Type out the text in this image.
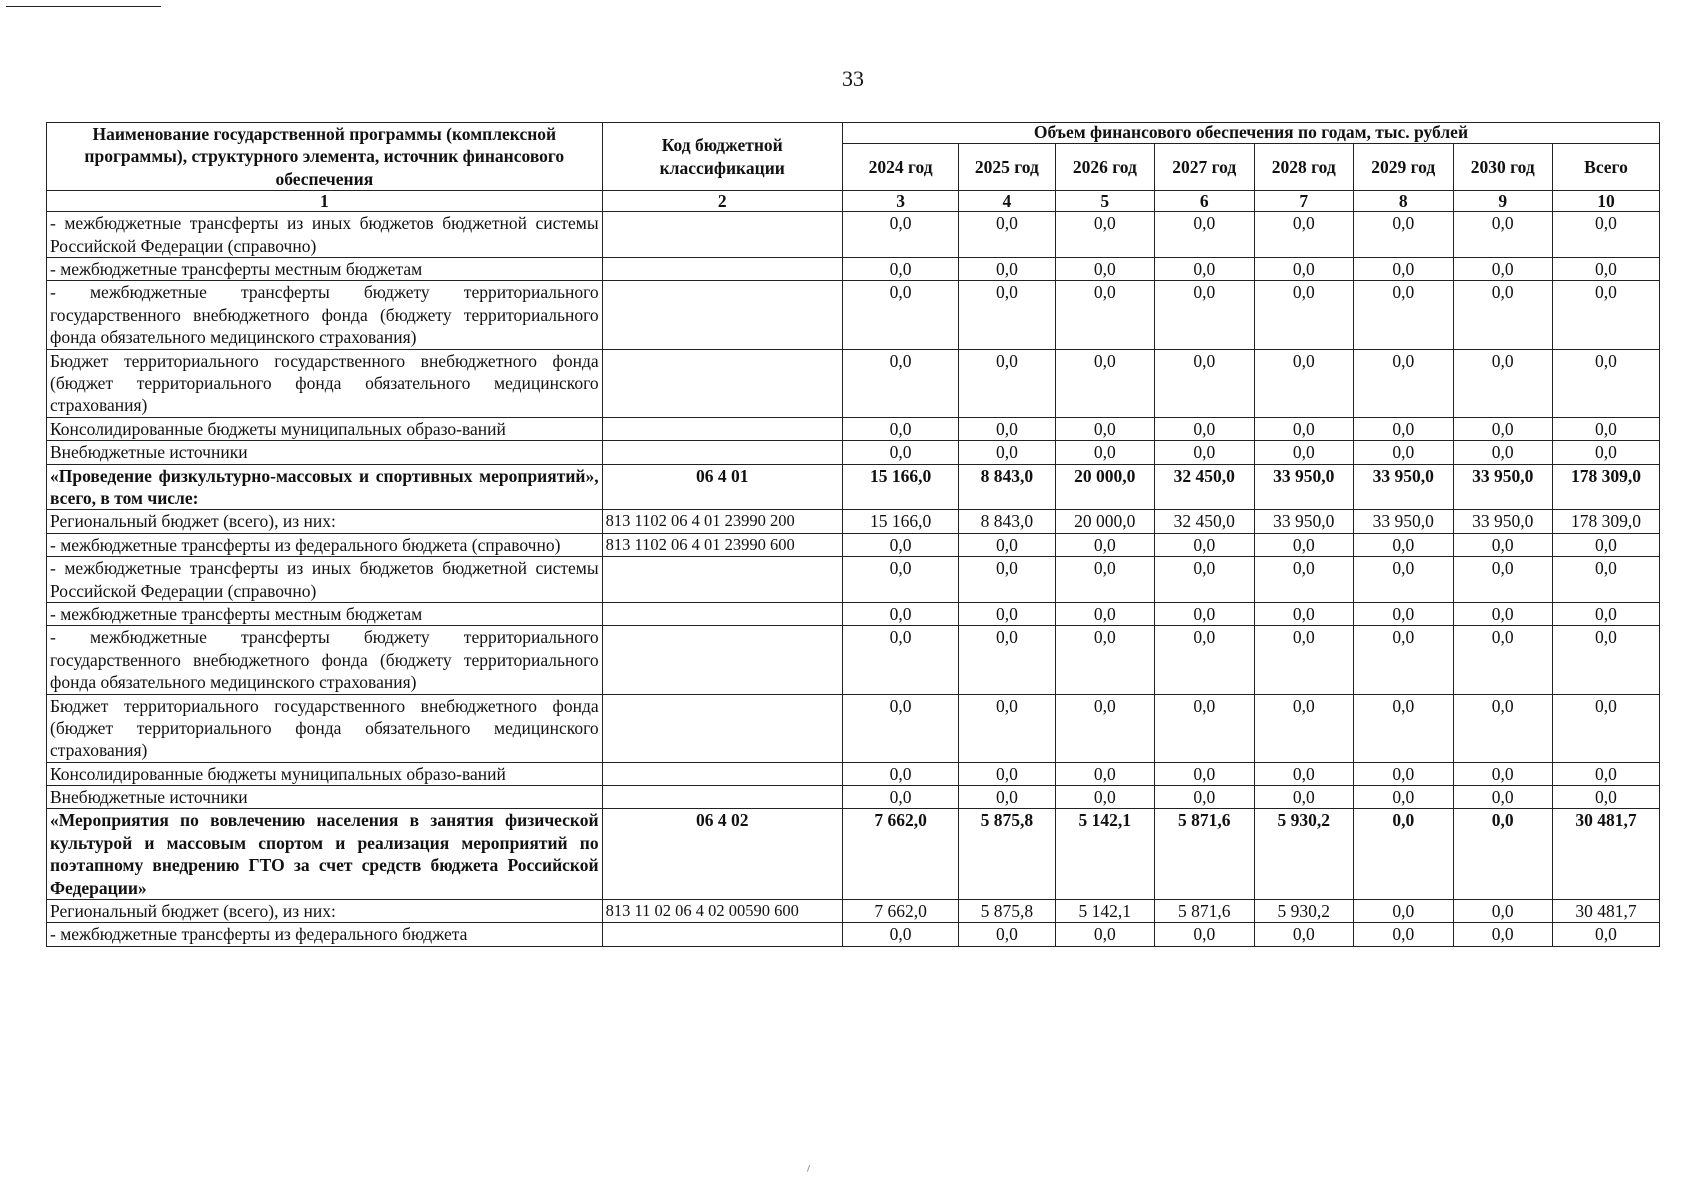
33
Наименование государственной программы (комплексной программы), структурного элемента, источник финансового обеспечения	Код бюджетной классификации	Объем финансового обеспечения по годам, тыс. рублей							
		2024 год	2025 год	2026 год	2027 год	2028 год	2029 год	2030 год	Всего
1	2	3	4	5	6	7	8	9	10
- межбюджетные трансферты из иных бюджетов бюджетной системы Российской Федерации (справочно)		0,0	0,0	0,0	0,0	0,0	0,0	0,0	0,0
- межбюджетные трансферты местным бюджетам		0,0	0,0	0,0	0,0	0,0	0,0	0,0	0,0
- межбюджетные трансферты бюджету территориального государственного внебюджетного фонда (бюджету территориального фонда обязательного медицинского страхования)		0,0	0,0	0,0	0,0	0,0	0,0	0,0	0,0
Бюджет территориального государственного внебюджетного фонда (бюджет территориального фонда обязательного медицинского страхования)		0,0	0,0	0,0	0,0	0,0	0,0	0,0	0,0
Консолидированные бюджеты муниципальных образо-ваний		0,0	0,0	0,0	0,0	0,0	0,0	0,0	0,0
Внебюджетные источники		0,0	0,0	0,0	0,0	0,0	0,0	0,0	0,0
«Проведение физкультурно-массовых и спортивных мероприятий», всего, в том числе:	06 4 01	15 166,0	8 843,0	20 000,0	32 450,0	33 950,0	33 950,0	33 950,0	178 309,0
Региональный бюджет (всего), из них:	813 1102 06 4 01 23990 200	15 166,0	8 843,0	20 000,0	32 450,0	33 950,0	33 950,0	33 950,0	178 309,0
- межбюджетные трансферты из федерального бюджета (справочно)	813 1102 06 4 01 23990 600	0,0	0,0	0,0	0,0	0,0	0,0	0,0	0,0
- межбюджетные трансферты из иных бюджетов бюджетной системы Российской Федерации (справочно)		0,0	0,0	0,0	0,0	0,0	0,0	0,0	0,0
- межбюджетные трансферты местным бюджетам		0,0	0,0	0,0	0,0	0,0	0,0	0,0	0,0
- межбюджетные трансферты бюджету территориального государственного внебюджетного фонда (бюджету территориального фонда обязательного медицинского страхования)		0,0	0,0	0,0	0,0	0,0	0,0	0,0	0,0
Бюджет территориального государственного внебюджетного фонда (бюджет территориального фонда обязательного медицинского страхования)		0,0	0,0	0,0	0,0	0,0	0,0	0,0	0,0
Консолидированные бюджеты муниципальных образо-ваний		0,0	0,0	0,0	0,0	0,0	0,0	0,0	0,0
Внебюджетные источники		0,0	0,0	0,0	0,0	0,0	0,0	0,0	0,0
«Мероприятия по вовлечению населения в занятия физической культурой и массовым спортом и реализация мероприятий по поэтапному внедрению ГТО за счет средств бюджета Российской Федерации»	06 4 02	7 662,0	5 875,8	5 142,1	5 871,6	5 930,2	0,0	0,0	30 481,7
Региональный бюджет (всего), из них:	813 11 02 06 4 02 00590 600	7 662,0	5 875,8	5 142,1	5 871,6	5 930,2	0,0	0,0	30 481,7
- межбюджетные трансферты из федерального бюджета		0,0	0,0	0,0	0,0	0,0	0,0	0,0	0,0
